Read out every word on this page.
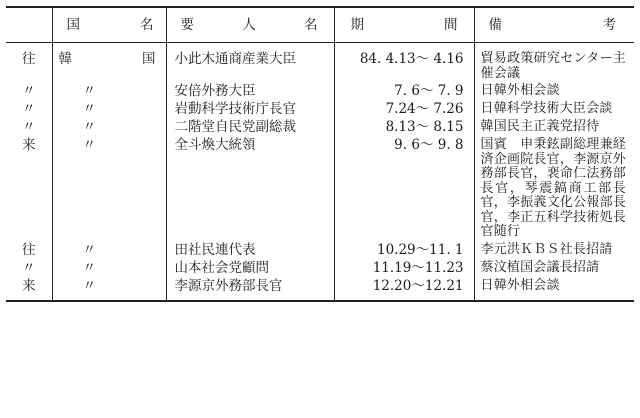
	国名	要人名	期間	備考
往	韓国	小此木通商産業大臣	84. 4.13〜 4.16	貿易政策研究センター主催会議
〃	〃	安倍外務大臣	7. 6〜 7. 9	日韓外相会談
〃	〃	岩動科学技術庁長官	7.24〜 7.26	日韓科学技術大臣会談
〃	〃	二階堂自民党副総裁	8.13〜 8.15	韓国民主正義党招待
来	〃	全斗煥大統領	9. 6〜 9. 8	国賓　申秉鉉副総理兼経済企画院長官，李源京外務部長官，裵命仁法務部長官，琴震鎬商工部長官，李振義文化公報部長官，李正五科学技術処長官随行
往	〃	田社民連代表	10.29〜11. 1	李元洪ＫＢＳ社長招請
〃	〃	山本社会党顧問	11.19〜11.23	蔡汶植国会議長招請
来	〃	李源京外務部長官	12.20〜12.21	日韓外相会談
